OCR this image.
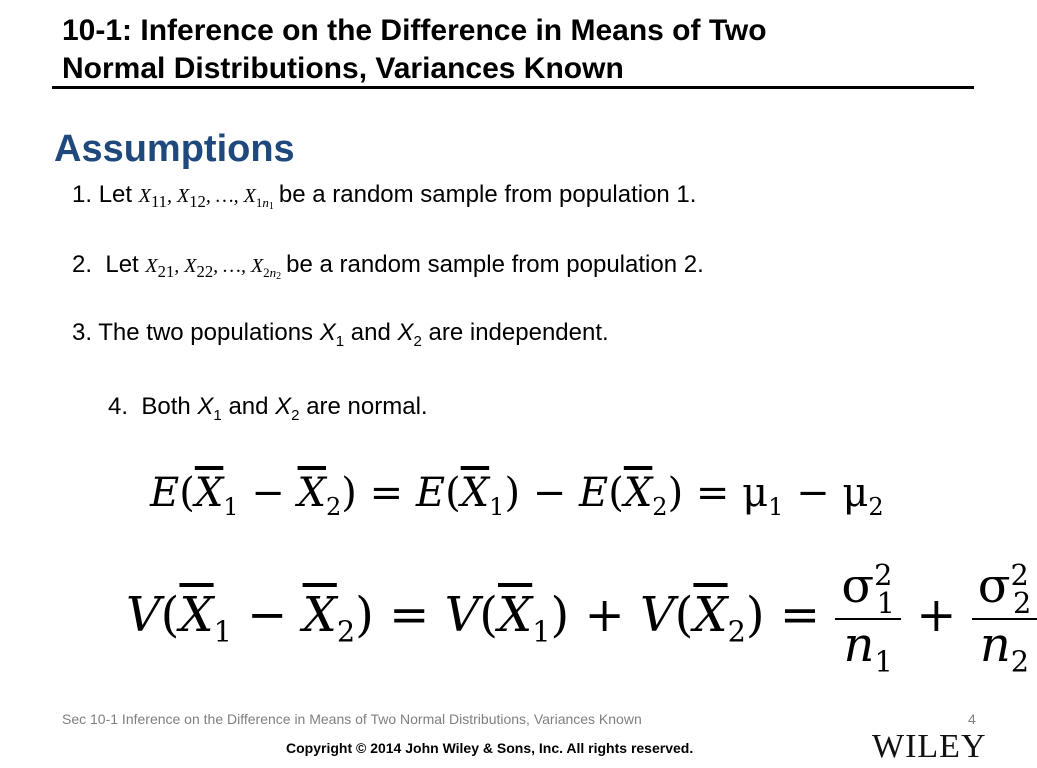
10-1: Inference on the Difference in Means of Two
Normal Distributions, Variances Known
Assumptions
1. Let $X_{11}$, $X_{12}$, …, $X_{1n_1}$ be a random sample from population 1.
2. Let $X_{21}$, $X_{22}$, …, $X_{2n_2}$ be a random sample from population 2.
3. The two populations $X_1$ and $X_2$ are independent.
4. Both $X_1$ and $X_2$ are normal.
$E(\overline{X}_1 - \overline{X}_2) = E(\overline{X}_1) - E(\overline{X}_2) = \mu_1 - \mu_2$
$V(\overline{X}_1 - \overline{X}_2) = V(\overline{X}_1) + V(\overline{X}_2) = \frac{\sigma^2_1}{n_1} + \frac{\sigma^2_2}{n_2}$
Sec 10-1 Inference on the Difference in Means of Two Normal Distributions, Variances Known	4
Copyright © 2014 John Wiley & Sons, Inc. All rights reserved.	WILEY
